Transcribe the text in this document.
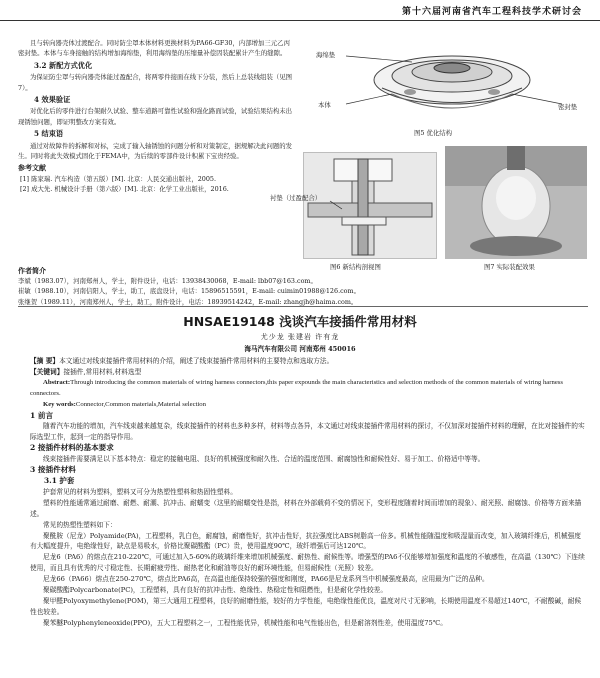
第十六届河南省汽车工程科技学术研讨会

且与转向器壳体过渡配合。同时防尘罩本体材料更换材料为PA66-GF30，内部增加三元乙丙密封垫。本体与车身接触的结构增加海绵垫，利用海绵垫的压缩量补偿因装配累计产生的缝隙。

3.2 新配方式优化

为保证防尘罩与转向器壳体能过盈配合，将两零件接面在线下分装，然后上总装线组装（见图7）。

4 效果验证

对优化后的零件进行台架耐久试验、整车道路可靠性试验和强化路面试验，试验结果结构未出现锈蚀问题，即证明整改方案有效。

5 结束语

通过对故障件的拆解和对标，完成了输入轴锈蚀的问题分析和对策制定，据规解决此问题的发生。同时将此失效模式固化于FEMA中，为后续的零部件设计积累下宝贵经验。

参考文献

[1] 陈家瑞. 汽车构造（第五版）[M]. 北京：人民交通出版社，2005.

[2] 成大先. 机械设计手册（第六版）[M]. 北京：化学工业出版社，2016.

海绵垫
本体	密封垫
图5 优化结构
衬垫（过盈配合）
图6 新结构剖视图	图7 实际装配效果

作者简介

李斌（1983.07），河南郑州人，学士，附件设计，电话：13938430068，E-mail: lbb07@163.com。

崔敏（1988.10），河南信阳人，学士，助工，底盘设计，电话：15896515591，E-mail: cuimin01988@126.com。

张继贺（1989.11），河南郑州人，学士，助工，附件设计，电话：18939514242，E-mail: zhangjh@haima.com。

HNSAE19148 浅谈汽车接插件常用材料
尤少龙 张建岩 许有龙
海马汽车有限公司 河南郑州 450016

【摘 要】本文通过对线束接插件常用材料的介绍，阐述了线束接插件常用材料的主要特点和选取方法。

【关键词】接插件,常用材料,材料选型

Abstract:Through introducing the common materials of wiring harness connectors,this paper expounds the main characteristics and selection methods of the common materials of wiring harness connectors.

Key words:Connector,Common materials,Material selection

1 前言

随着汽车功能的增加，汽车线束越来越复杂，线束接插件的材料也多种多样，材料等点各异，本文通过对线束接插件常用材料的探讨，不仅加深对接插件材料的理解，在比对接插件的实际选型工作，起到一定的指导作用。

2 接插件材料的基本要求

线束接插件需要满足以下基本特点：稳定的接触电阻、良好的机械强度和耐久性、合适的温度范围、耐腐蚀性和耐候性好、易于加工、价格适中等等。

3 接插件材料

3.1 护套

护套常见的材料为塑料，塑料又可分为热塑性塑料和热固性塑料。

塑料的性能通常通过耐磨、耐燃、耐潮、抗冲击、耐蠕变（这里的耐蠕变性是指，材料在外部载荷不变的情况下，变形程度随着时间而增加的现象）、耐光照、耐腐蚀、价格等方面来描述。

常见的热塑性塑料如下：

聚酰胺（尼龙）Polyamide(PA)，工程塑料，乳白色，耐腐蚀，耐磨性好，抗冲击性好，抗拉强度比ABS树脂高一倍多。机械性能随温度和吸湿量而改变，加入玻璃纤维后，机械强度有大幅度提升，电绝缘性好，缺点是易吸水，价格比聚碳酸酯（PC）贵，使用温度90℃，玻纤增强后可达120℃。

尼龙6（PA6）的熔点在210-220℃，可通过加入5-60%的玻璃纤维来增加机械强度、耐热性、耐候性等。增强型的PA6不仅能够增加强度和温度的不敏感性，在高温（130℃）下连续使用，而且具有优秀的尺寸稳定性、长期耐疲劳性、耐热老化和耐油等良好的耐环境性能，但易耐候性（光照）较差。

尼龙66（PA66）熔点在250-270℃，熔点比PA6高，在高温也能保持较强的强度和刚度，PA66是尼龙系列当中机械强度最高，应用最为广泛的品种。

聚碳酸酯Polycarbonate(PC)，工程塑料，具有良好的抗冲击性、绝缘性、热稳定性和阻燃性，但是耐化学性较差。

聚甲醛Polyoxymethylene(POM)，第三大通用工程塑料，良好的耐磨性能，较好的力学性能，电绝缘性能优良，温度对尺寸无影响，长期使用温度不易超过140℃，不耐酸碱，耐候性也较差。

聚苯醚Polyphenyleneoxide(PPO)，五大工程塑料之一，工程性能优异，机械性能和电气性能出色，但是耐溶剂性差，使用温度75℃。
